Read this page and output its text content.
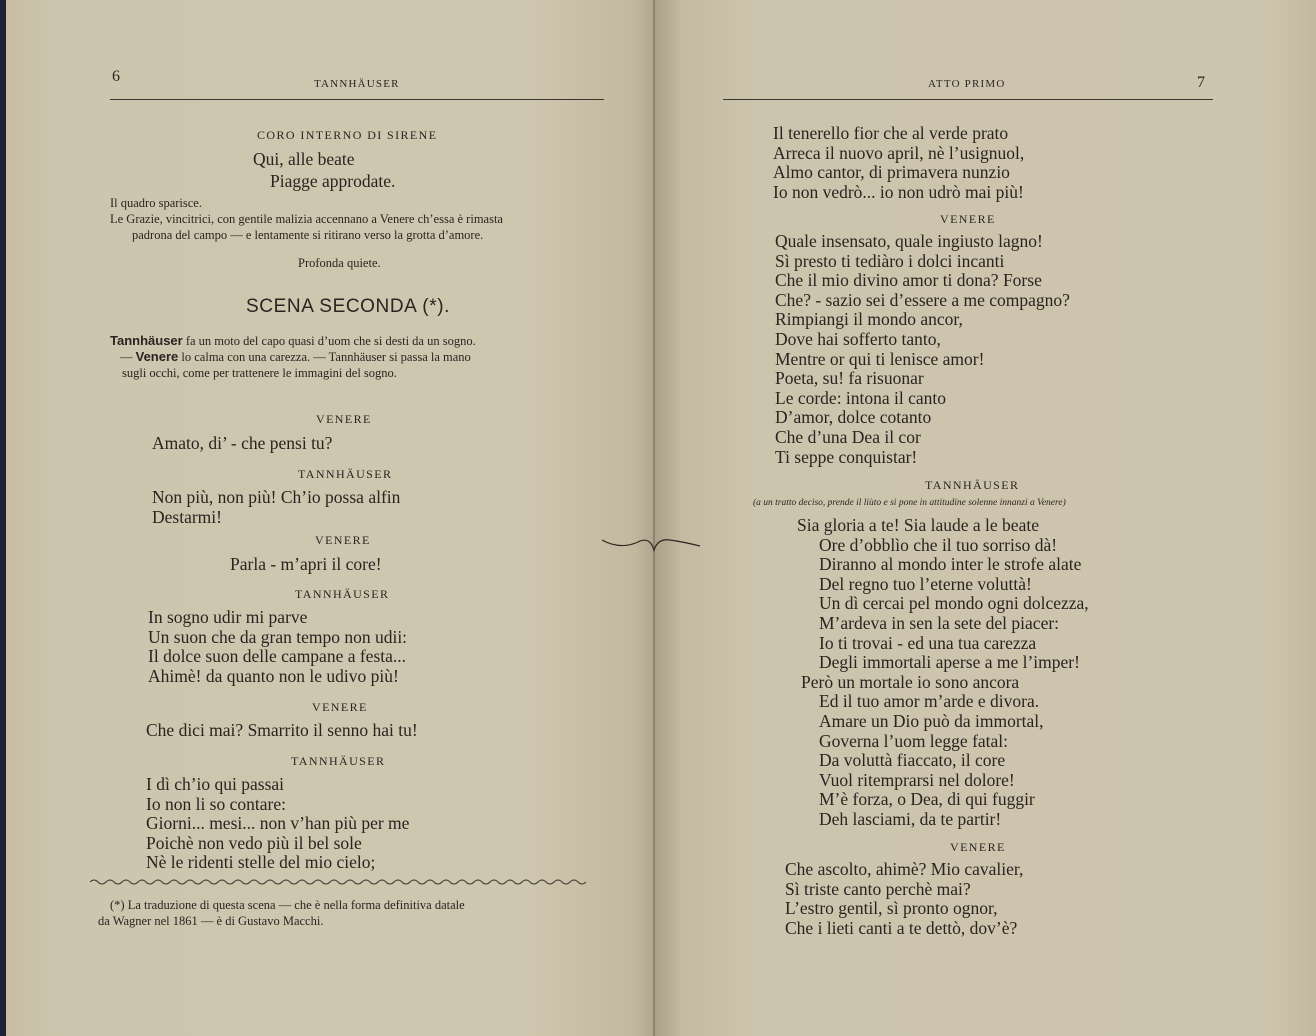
6	TANNHÄUSER
CORO INTERNO DI SIRENE
Qui, alle beate
Piagge approdate.
Il quadro sparisce.
Le Grazie, vincitrici, con gentile malizia accennano a Venere ch’essa è rimasta
padrona del campo — e lentamente si ritirano verso la grotta d’amore.
Profonda quiete.
SCENA SECONDA (*).
Tannhäuser fa un moto del capo quasi d’uom che si desti da un sogno.
— Venere lo calma con una carezza. — Tannhäuser si passa la mano
sugli occhi, come per trattenere le immagini del sogno.
VENERE
Amato, di’ - che pensi tu?
TANNHÄUSER
Non più, non più! Ch’io possa alfin
Destarmi!
VENERE
Parla - m’apri il core!
TANNHÄUSER
In sogno udir mi parve
Un suon che da gran tempo non udii:
Il dolce suon delle campane a festa...
Ahimè! da quanto non le udivo più!
VENERE
Che dici mai? Smarrito il senno hai tu!
TANNHÄUSER
I dì ch’io qui passai
Io non li so contare:
Giorni... mesi... non v’han più per me
Poichè non vedo più il bel sole
Nè le ridenti stelle del mio cielo;
(*) La traduzione di questa scena — che è nella forma definitiva datale
da Wagner nel 1861 — è di Gustavo Macchi.
ATTO PRIMO	7
Il tenerello fior che al verde prato
Arreca il nuovo april, nè l’usignuol,
Almo cantor, di primavera nunzio
Io non vedrò... io non udrò mai più!
VENERE
Quale insensato, quale ingiusto lagno!
Sì presto ti tediàro i dolci incanti
Che il mio divino amor ti dona? Forse
Che? - sazio sei d’essere a me compagno?
Rimpiangi il mondo ancor,
Dove hai sofferto tanto,
Mentre or qui ti lenisce amor!
Poeta, su! fa risuonar
Le corde: intona il canto
D’amor, dolce cotanto
Che d’una Dea il cor
Ti seppe conquistar!
TANNHÄUSER
(a un tratto deciso, prende il liùto e si pone in attitudine solenne innanzi a Venere)
Sia gloria a te! Sia laude a le beate
Ore d’obblìo che il tuo sorriso dà!
Diranno al mondo inter le strofe alate
Del regno tuo l’eterne voluttà!
Un dì cercai pel mondo ogni dolcezza,
M’ardeva in sen la sete del piacer:
Io ti trovai - ed una tua carezza
Degli immortali aperse a me l’imper!
Però un mortale io sono ancora
Ed il tuo amor m’arde e divora.
Amare un Dio può da immortal,
Governa l’uom legge fatal:
Da voluttà fiaccato, il core
Vuol ritemprarsi nel dolore!
M’è forza, o Dea, di qui fuggir
Deh lasciami, da te partir!
VENERE
Che ascolto, ahimè? Mio cavalier,
Sì triste canto perchè mai?
L’estro gentil, sì pronto ognor,
Che i lieti canti a te dettò, dov’è?
